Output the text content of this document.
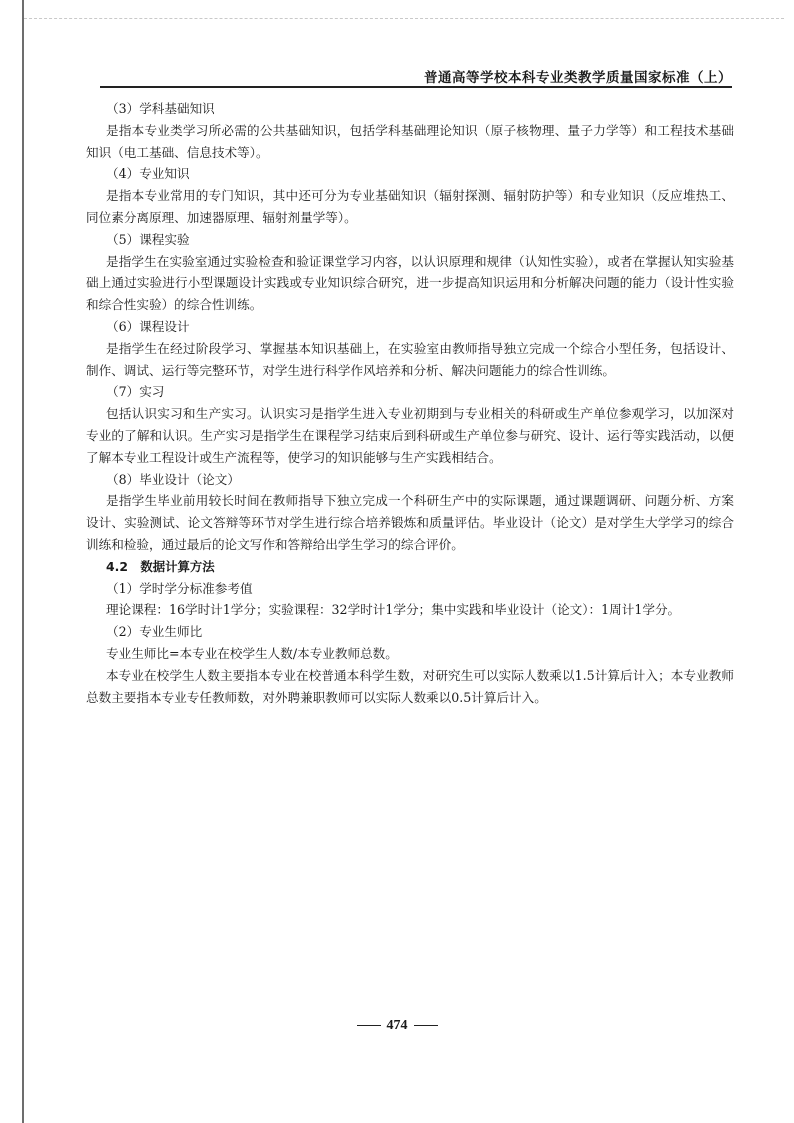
普通高等学校本科专业类教学质量国家标准（上）

（3）学科基础知识

是指本专业类学习所必需的公共基础知识，包括学科基础理论知识（原子核物理、量子力学等）和工程技术基础知识（电工基础、信息技术等）。

（4）专业知识

是指本专业常用的专门知识，其中还可分为专业基础知识（辐射探测、辐射防护等）和专业知识（反应堆热工、同位素分离原理、加速器原理、辐射剂量学等）。

（5）课程实验

是指学生在实验室通过实验检查和验证课堂学习内容，以认识原理和规律（认知性实验），或者在掌握认知实验基础上通过实验进行小型课题设计实践或专业知识综合研究，进一步提高知识运用和分析解决问题的能力（设计性实验和综合性实验）的综合性训练。

（6）课程设计

是指学生在经过阶段学习、掌握基本知识基础上，在实验室由教师指导独立完成一个综合小型任务，包括设计、制作、调试、运行等完整环节，对学生进行科学作风培养和分析、解决问题能力的综合性训练。

（7）实习

包括认识实习和生产实习。认识实习是指学生进入专业初期到与专业相关的科研或生产单位参观学习，以加深对专业的了解和认识。生产实习是指学生在课程学习结束后到科研或生产单位参与研究、设计、运行等实践活动，以便了解本专业工程设计或生产流程等，使学习的知识能够与生产实践相结合。

（8）毕业设计（论文）

是指学生毕业前用较长时间在教师指导下独立完成一个科研生产中的实际课题，通过课题调研、问题分析、方案设计、实验测试、论文答辩等环节对学生进行综合培养锻炼和质量评估。毕业设计（论文）是对学生大学学习的综合训练和检验，通过最后的论文写作和答辩给出学生学习的综合评价。

4.2　数据计算方法

（1）学时学分标准参考值

理论课程：16学时计1学分；实验课程：32学时计1学分；集中实践和毕业设计（论文）：1周计1学分。

（2）专业生师比

专业生师比=本专业在校学生人数/本专业教师总数。

本专业在校学生人数主要指本专业在校普通本科学生数，对研究生可以实际人数乘以1.5计算后计入；本专业教师总数主要指本专业专任教师数，对外聘兼职教师可以实际人数乘以0.5计算后计入。

474
